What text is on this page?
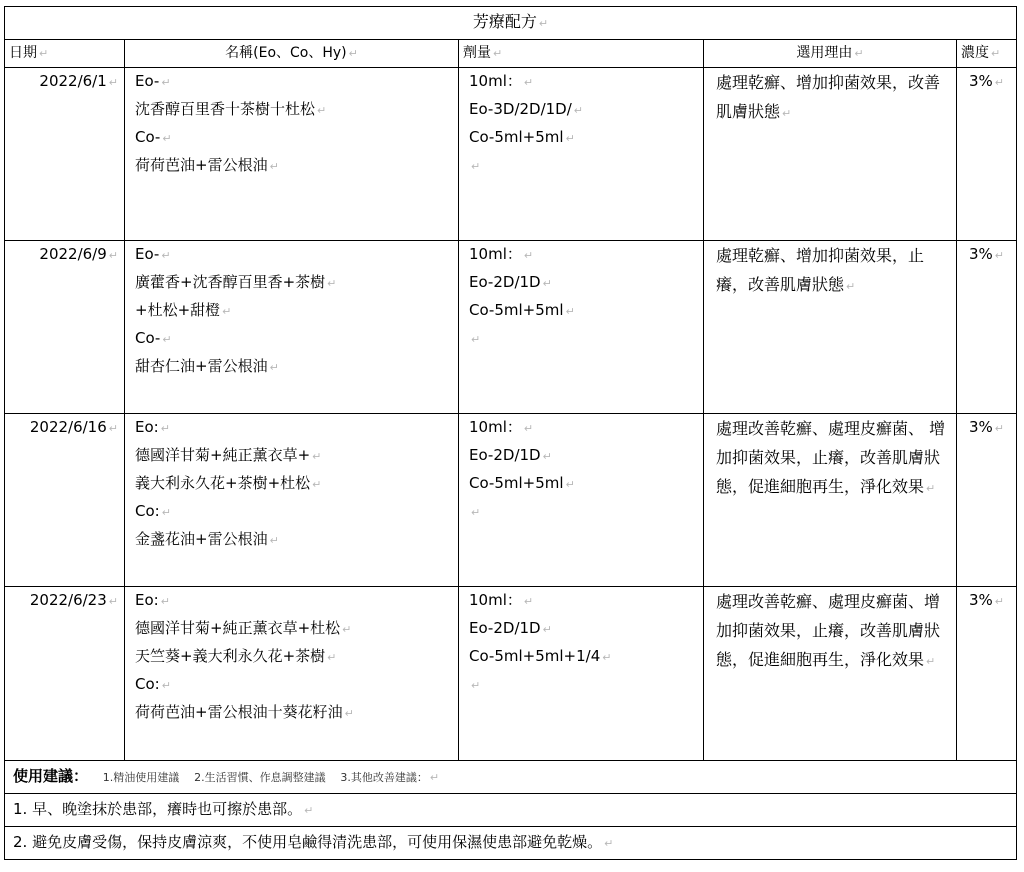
芳療配方 ↵				
日期 ↵	名稱(Eo、Co、Hy) ↵	劑量 ↵	選用理由 ↵	濃度 ↵
2022/6/1 ↵	Eo- ↵
沈香醇百里香十茶樹十杜松 ↵
Co- ↵
荷荷芭油+雷公根油 ↵	10ml： ↵
Eo-3D/2D/1D/ ↵
Co-5ml+5ml ↵
↵	處理乾癬、增加抑菌效果，改善肌膚狀態 ↵	3% ↵
2022/6/9 ↵	Eo- ↵
廣藿香+沈香醇百里香+茶樹 ↵
+杜松+甜橙 ↵
Co- ↵
甜杏仁油+雷公根油 ↵	10ml： ↵
Eo-2D/1D ↵
Co-5ml+5ml ↵
↵	處理乾癬、增加抑菌效果，止癢，改善肌膚狀態 ↵	3% ↵
2022/6/16 ↵	Eo: ↵
德國洋甘菊+純正薰衣草+ ↵
義大利永久花+茶樹+杜松 ↵
Co: ↵
金盞花油+雷公根油 ↵	10ml： ↵
Eo-2D/1D ↵
Co-5ml+5ml ↵
↵	處理改善乾癬、處理皮癬菌、 增加抑菌效果，止癢，改善肌膚狀態，促進細胞再生，淨化效果 ↵	3% ↵
2022/6/23 ↵	Eo: ↵
德國洋甘菊+純正薰衣草+杜松 ↵
天竺葵+義大利永久花+茶樹 ↵
Co: ↵
荷荷芭油+雷公根油十葵花籽油 ↵	10ml： ↵
Eo-2D/1D ↵
Co-5ml+5ml+1/4 ↵
↵	處理改善乾癬、處理皮癬菌、增加抑菌效果，止癢，改善肌膚狀態，促進細胞再生，淨化效果 ↵	3% ↵
使用建議： 1.精油使用建議 2.生活習慣、作息調整建議 3.其他改善建議： ↵				
1. 早、晚塗抹於患部，癢時也可擦於患部。 ↵				
2. 避免皮膚受傷，保持皮膚涼爽，不使用皂鹼得清洗患部，可使用保濕使患部避免乾燥。 ↵				
